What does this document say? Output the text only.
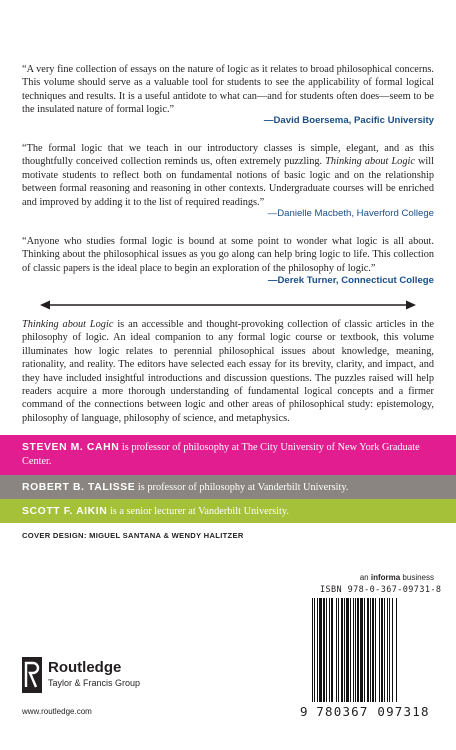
“A very fine collection of essays on the nature of logic as it relates to broad philosophical concerns. This volume should serve as a valuable tool for students to see the applicability of formal logical techniques and results. It is a useful antidote to what can—and for students often does—seem to be the insulated nature of formal logic.”
—David Boersema, Pacific University
“The formal logic that we teach in our introductory classes is simple, elegant, and as this thoughtfully conceived collection reminds us, often extremely puzzling. Thinking about Logic will motivate students to reflect both on fundamental notions of basic logic and on the relationship between formal reasoning and reasoning in other contexts. Undergraduate courses will be enriched and improved by adding it to the list of required readings.”
—Danielle Macbeth, Haverford College
“Anyone who studies formal logic is bound at some point to wonder what logic is all about. Thinking about the philosophical issues as you go along can help bring logic to life. This collection of classic papers is the ideal place to begin an exploration of the philosophy of logic.”
—Derek Turner, Connecticut College
Thinking about Logic is an accessible and thought-provoking collection of classic articles in the philosophy of logic. An ideal companion to any formal logic course or textbook, this volume illuminates how logic relates to perennial philosophical issues about knowledge, meaning, rationality, and reality. The editors have selected each essay for its brevity, clarity, and impact, and they have included insightful introductions and discussion questions. The puzzles raised will help readers acquire a more thorough understanding of fundamental logical concepts and a firmer command of the connections between logic and other areas of philosophical study: epistemology, philosophy of language, philosophy of science, and metaphysics.
STEVEN M. CAHN is professor of philosophy at The City University of New York Graduate Center.
ROBERT B. TALISSE is professor of philosophy at Vanderbilt University.
SCOTT F. AIKIN is a senior lecturer at Vanderbilt University.
COVER DESIGN: MIGUEL SANTANA & WENDY HALITZER
an informa business
Routledge
Taylor & Francis Group
www.routledge.com
ISBN 978-0-367-09731-8
9 780367 097318
